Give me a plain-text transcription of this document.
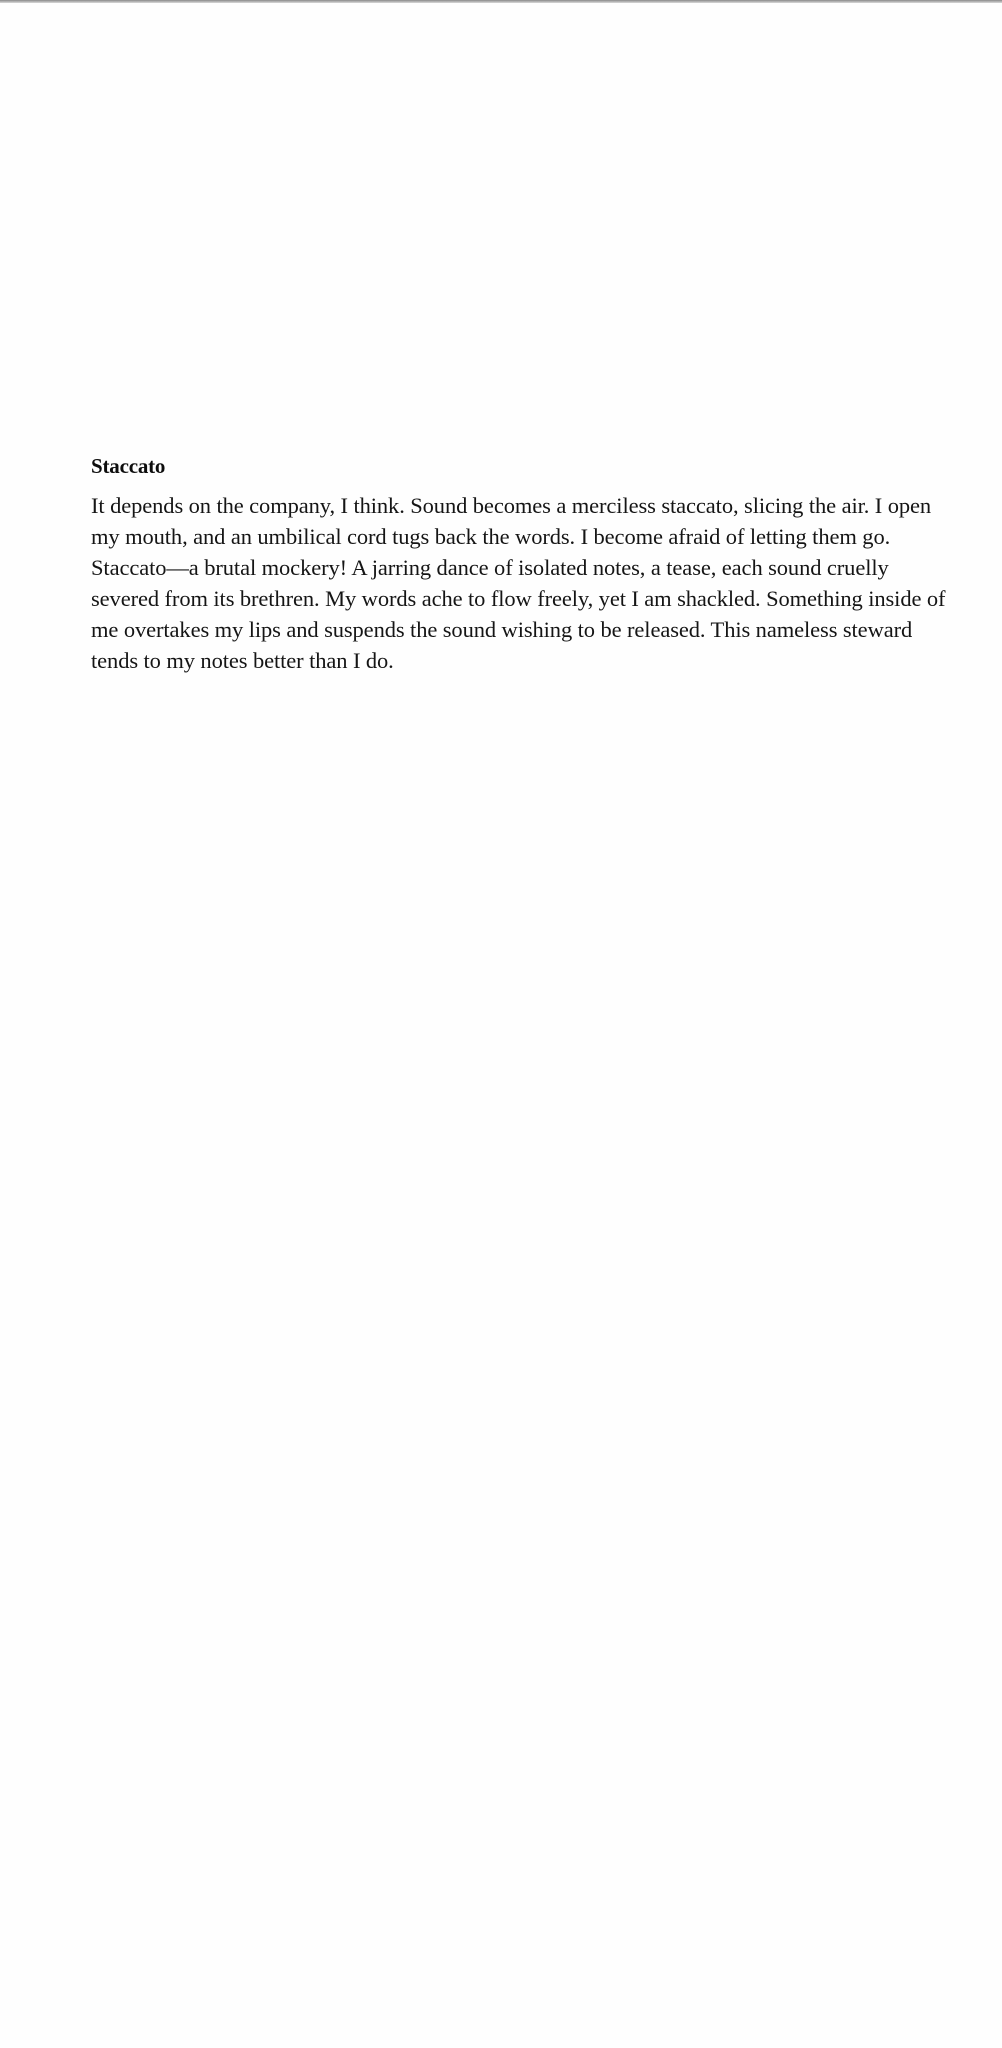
Staccato

It depends on the company, I think. Sound becomes a merciless staccato, slicing the air. I open my mouth, and an umbilical cord tugs back the words. I become afraid of letting them go. Staccato—a brutal mockery! A jarring dance of isolated notes, a tease, each sound cruelly severed from its brethren. My words ache to flow freely, yet I am shackled. Something inside of me overtakes my lips and suspends the sound wishing to be released. This nameless steward tends to my notes better than I do.
